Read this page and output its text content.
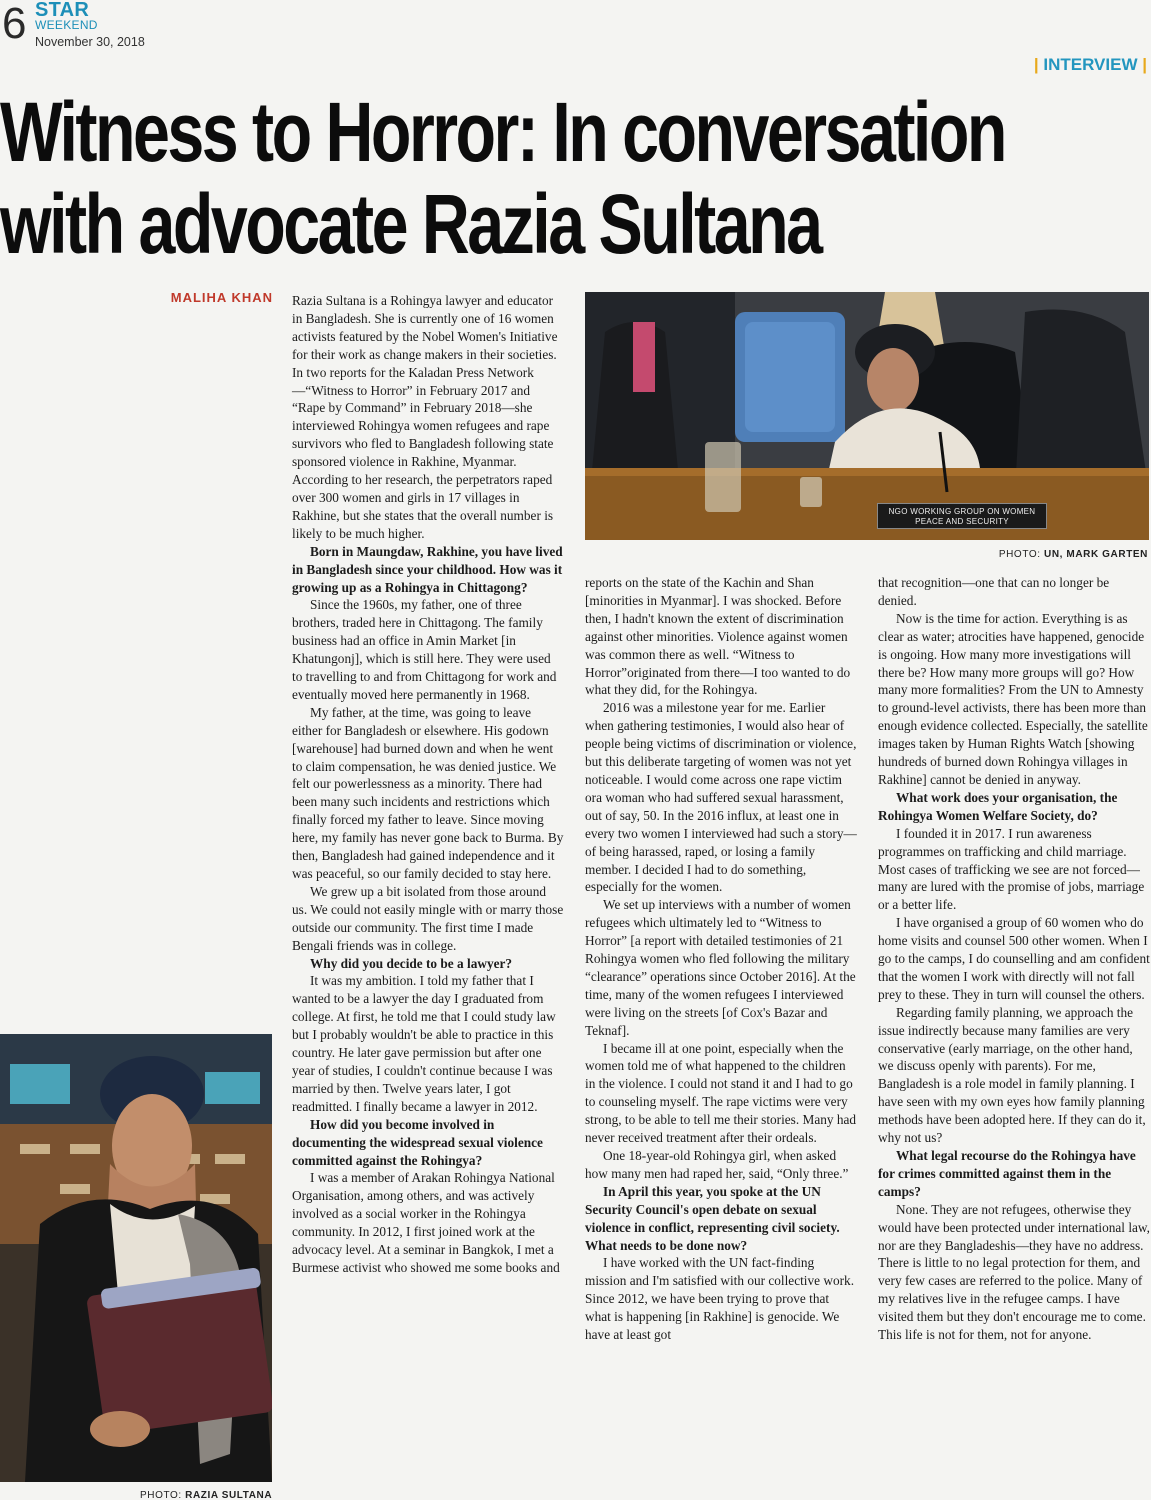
6 STAR
WEEKEND
November 30, 2018
| INTERVIEW |
Witness to Horror: In conversation
with advocate Razia Sultana
MALIHA KHAN
NGO WORKING GROUP ON WOMEN
PEACE AND SECURITY
PHOTO: UN, MARK GARTEN
PHOTO: RAZIA SULTANA

Razia Sultana is a Rohingya lawyer and educator in Bangladesh. She is currently one of 16 women activists featured by the Nobel Women's Initiative for their work as change makers in their societies. In two reports for the Kaladan Press Network—“Witness to Horror” in February 2017 and “Rape by Command” in February 2018—she interviewed Rohingya women refugees and rape survivors who fled to Bangladesh following state sponsored violence in Rakhine, Myanmar. According to her research, the perpetrators raped over 300 women and girls in 17 villages in Rakhine, but she states that the overall number is likely to be much higher.

Born in Maungdaw, Rakhine, you have lived in Bangladesh since your childhood. How was it growing up as a Rohingya in Chittagong?

Since the 1960s, my father, one of three brothers, traded here in Chittagong. The family business had an office in Amin Market [in Khatungonj], which is still here. They were used to travelling to and from Chittagong for work and eventually moved here permanently in 1968.

My father, at the time, was going to leave either for Bangladesh or elsewhere. His godown [warehouse] had burned down and when he went to claim compensation, he was denied justice. We felt our powerlessness as a minority. There had been many such incidents and restrictions which finally forced my father to leave. Since moving here, my family has never gone back to Burma. By then, Bangladesh had gained independence and it was peaceful, so our family decided to stay here.

We grew up a bit isolated from those around us. We could not easily mingle with or marry those outside our community. The first time I made Bengali friends was in college.

Why did you decide to be a lawyer?

It was my ambition. I told my father that I wanted to be a lawyer the day I graduated from college. At first, he told me that I could study law but I probably wouldn't be able to practice in this country. He later gave permission but after one year of studies, I couldn't continue because I was married by then. Twelve years later, I got readmitted. I finally became a lawyer in 2012.

How did you become involved in documenting the widespread sexual violence committed against the Rohingya?

I was a member of Arakan Rohingya National Organisation, among others, and was actively involved as a social worker in the Rohingya community. In 2012, I first joined work at the advocacy level. At a seminar in Bangkok, I met a Burmese activist who showed me some books and

reports on the state of the Kachin and Shan [minorities in Myanmar]. I was shocked. Before then, I hadn't known the extent of discrimination against other minorities. Violence against women was common there as well. “Witness to Horror”originated from there—I too wanted to do what they did, for the Rohingya.

2016 was a milestone year for me. Earlier when gathering testimonies, I would also hear of people being victims of discrimination or violence, but this deliberate targeting of women was not yet noticeable. I would come across one rape victim ora woman who had suffered sexual harassment, out of say, 50. In the 2016 influx, at least one in every two women I interviewed had such a story—of being harassed, raped, or losing a family member. I decided I had to do something, especially for the women.

We set up interviews with a number of women refugees which ultimately led to “Witness to Horror” [a report with detailed testimonies of 21 Rohingya women who fled following the military “clearance” operations since October 2016]. At the time, many of the women refugees I interviewed were living on the streets [of Cox's Bazar and Teknaf].

I became ill at one point, especially when the women told me of what happened to the children in the violence. I could not stand it and I had to go to counseling myself. The rape victims were very strong, to be able to tell me their stories. Many had never received treatment after their ordeals.

One 18-year-old Rohingya girl, when asked how many men had raped her, said, “Only three.”

In April this year, you spoke at the UN Security Council's open debate on sexual violence in conflict, representing civil society. What needs to be done now?

I have worked with the UN fact-finding mission and I'm satisfied with our collective work. Since 2012, we have been trying to prove that what is happening [in Rakhine] is genocide. We have at least got

that recognition—one that can no longer be denied.

Now is the time for action. Everything is as clear as water; atrocities have happened, genocide is ongoing. How many more investigations will there be? How many more groups will go? How many more formalities? From the UN to Amnesty to ground-level activists, there has been more than enough evidence collected. Especially, the satellite images taken by Human Rights Watch [showing hundreds of burned down Rohingya villages in Rakhine] cannot be denied in anyway.

What work does your organisation, the Rohingya Women Welfare Society, do?

I founded it in 2017. I run awareness programmes on trafficking and child marriage. Most cases of trafficking we see are not forced—many are lured with the promise of jobs, marriage or a better life.

I have organised a group of 60 women who do home visits and counsel 500 other women. When I go to the camps, I do counselling and am confident that the women I work with directly will not fall prey to these. They in turn will counsel the others.

Regarding family planning, we approach the issue indirectly because many families are very conservative (early marriage, on the other hand, we discuss openly with parents). For me, Bangladesh is a role model in family planning. I have seen with my own eyes how family planning methods have been adopted here. If they can do it, why not us?

What legal recourse do the Rohingya have for crimes committed against them in the camps?

None. They are not refugees, otherwise they would have been protected under international law, nor are they Bangladeshis—they have no address. There is little to no legal protection for them, and very few cases are referred to the police. Many of my relatives live in the refugee camps. I have visited them but they don't encourage me to come. This life is not for them, not for anyone.
